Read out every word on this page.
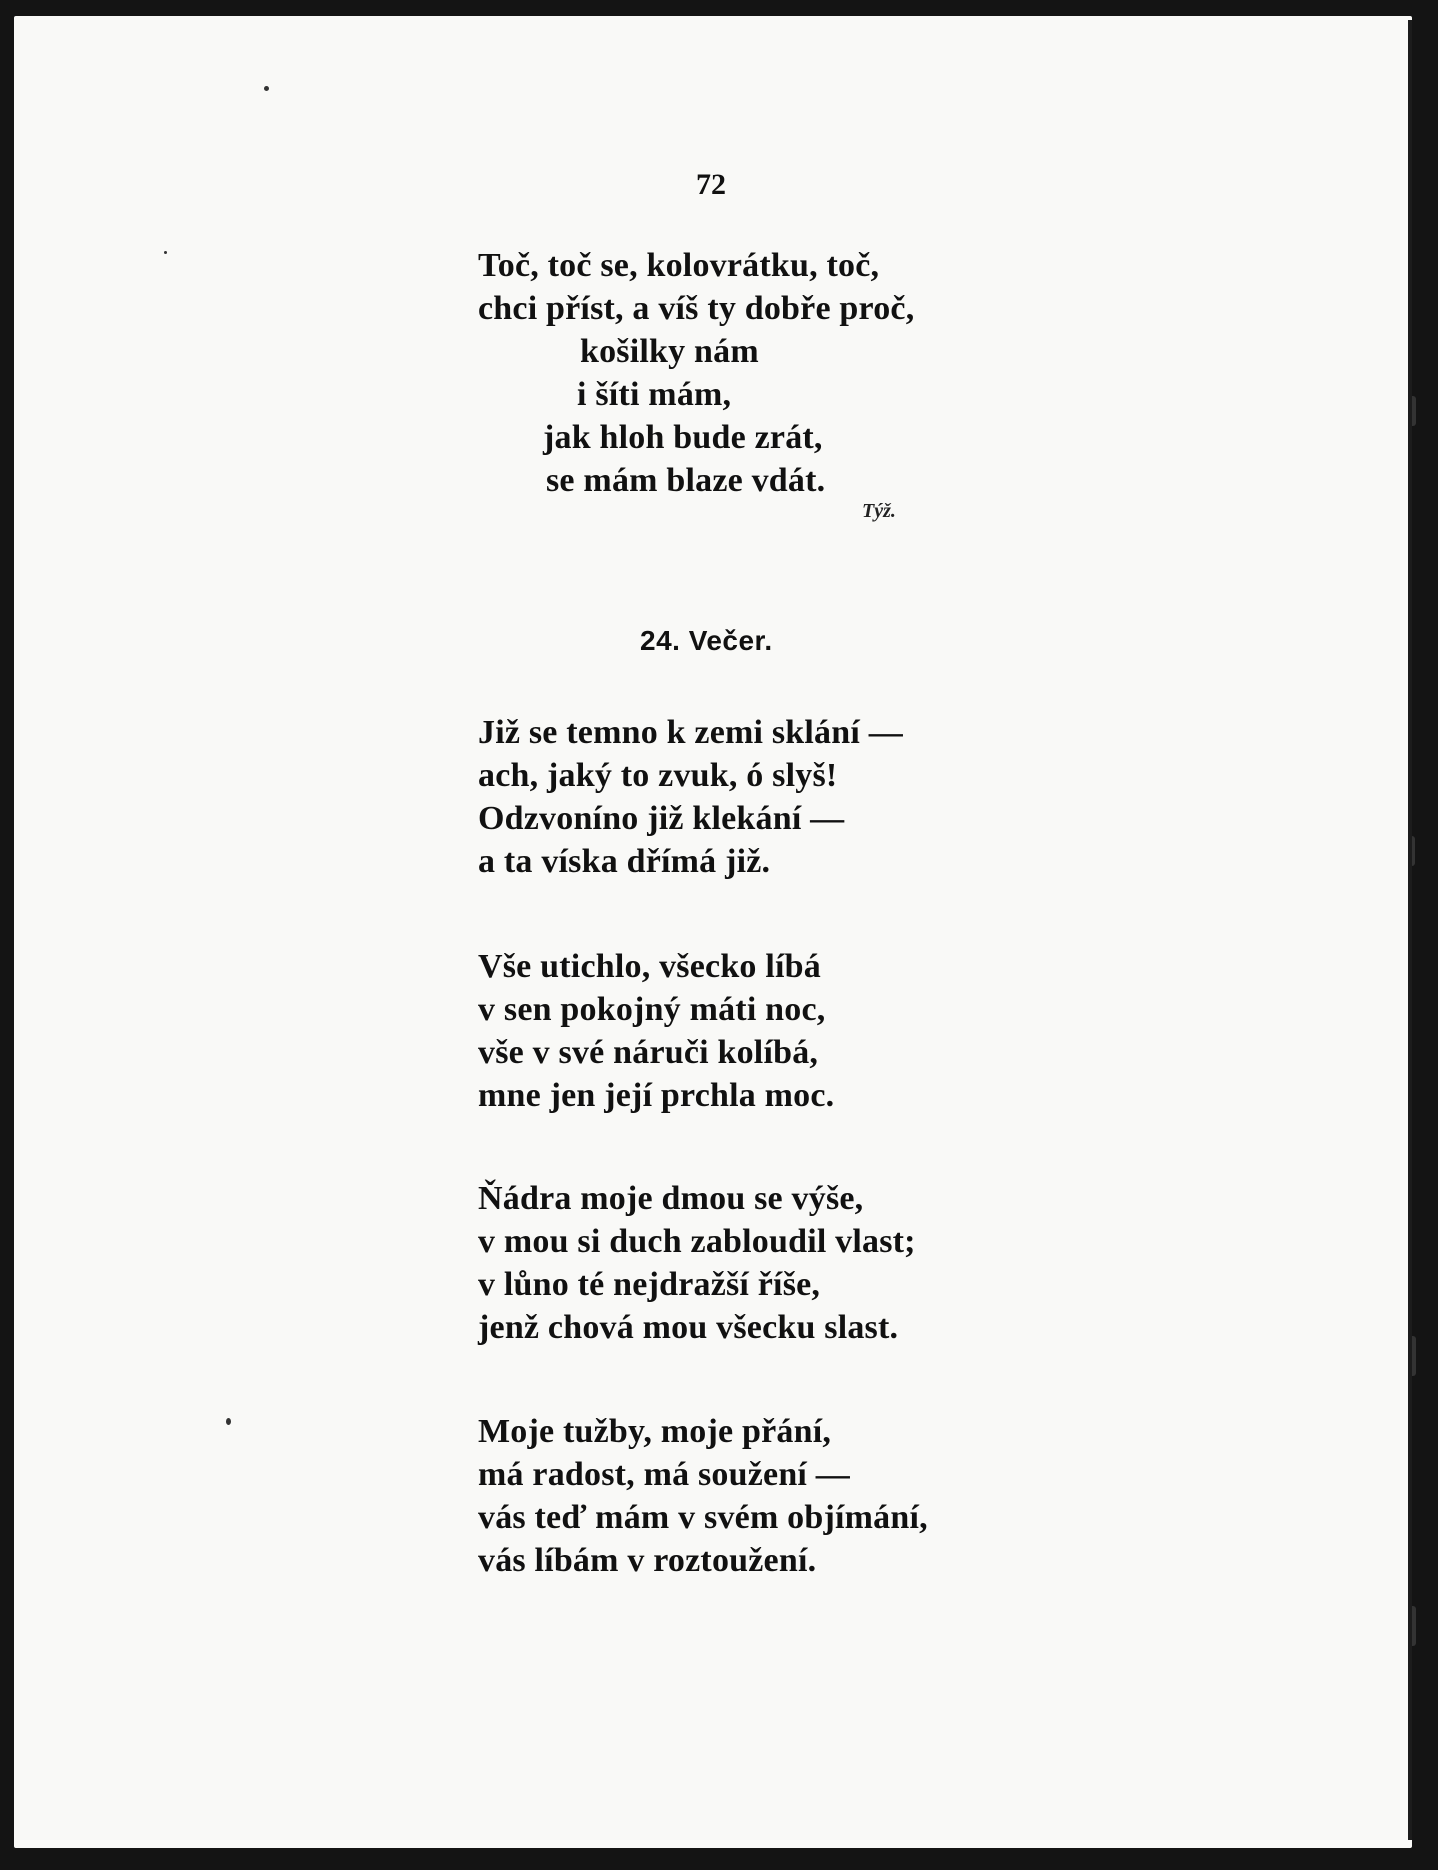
72
Toč, toč se, kolovrátku, toč,
chci příst, a víš ty dobře proč,
košilky nám
i šíti mám,
jak hloh bude zrát,
se mám blaze vdát.
Týž.
24. Večer.
Již se temno k zemi sklání —
ach, jaký to zvuk, ó slyš!
Odzvoníno již klekání —
a ta víska dřímá již.
Vše utichlo, všecko líbá
v sen pokojný máti noc,
vše v své náruči kolíbá,
mne jen její prchla moc.
Ňádra moje dmou se výše,
v mou si duch zabloudil vlast;
v lůno té nejdražší říše,
jenž chová mou všecku slast.
Moje tužby, moje přání,
má radost, má soužení —
vás teď mám v svém objímání,
vás líbám v roztoužení.
